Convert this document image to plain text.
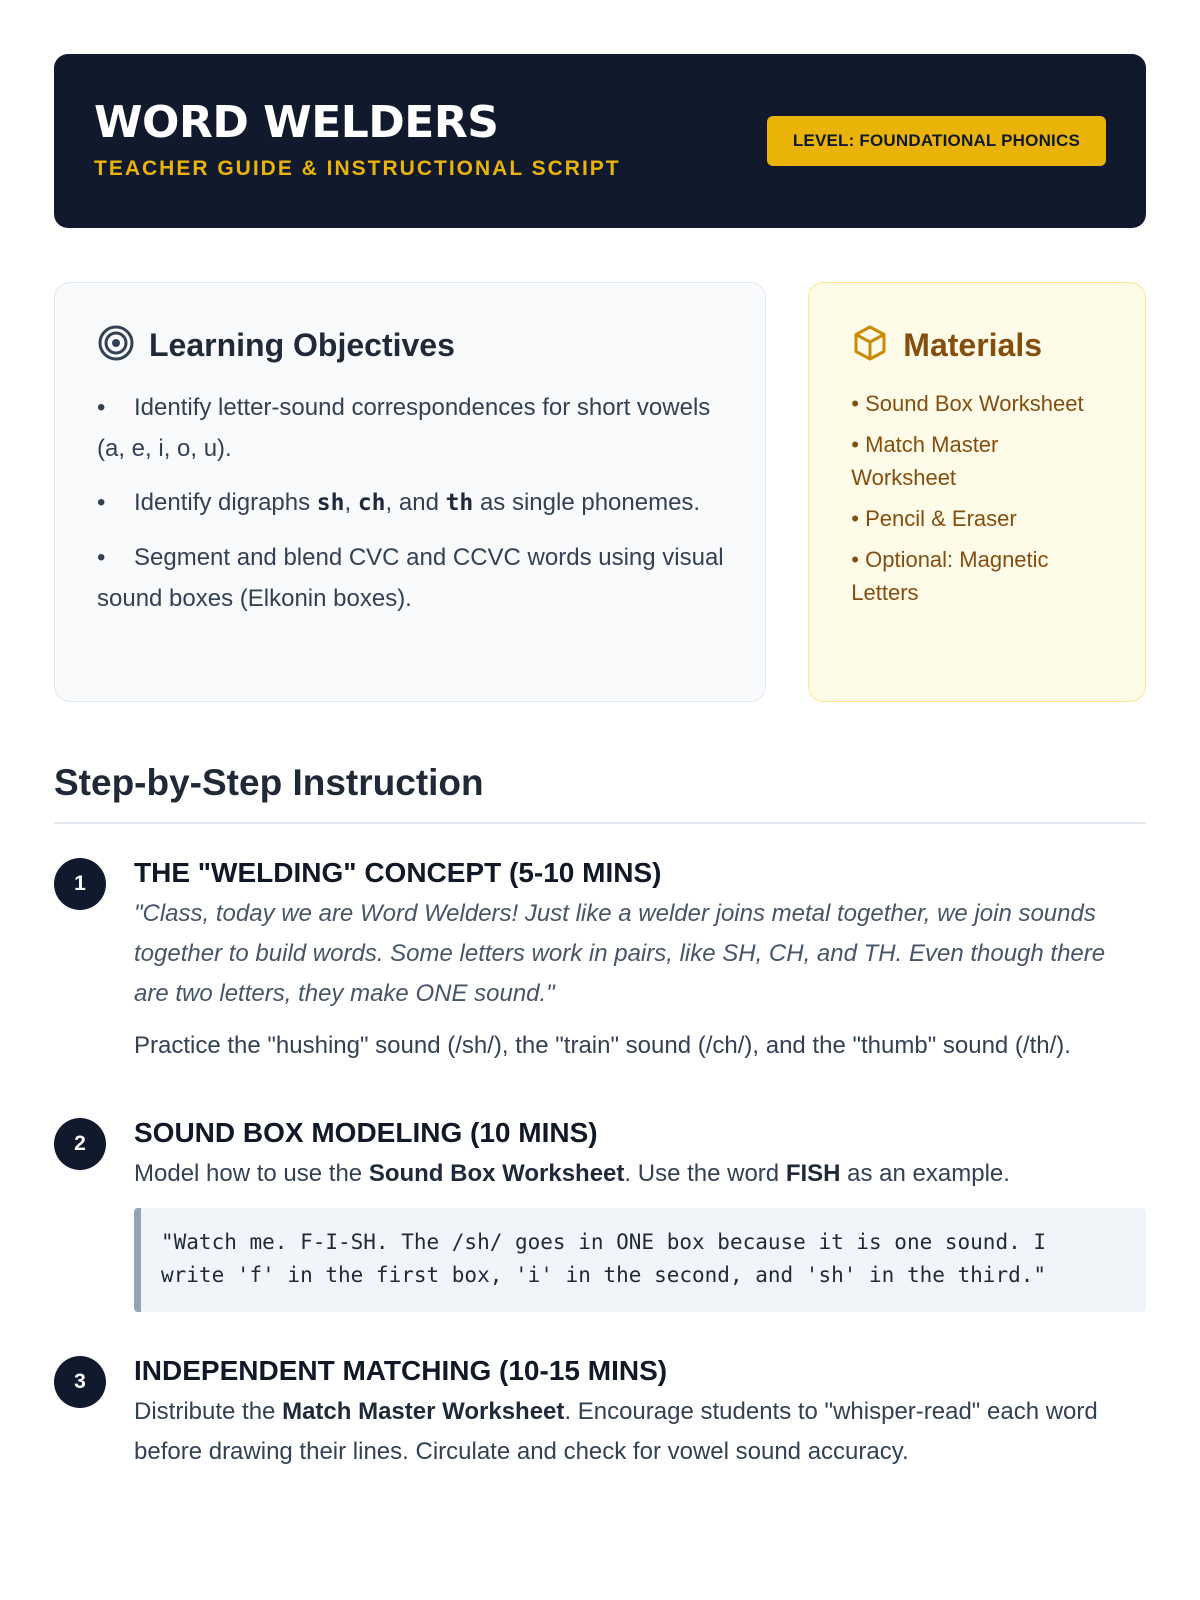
WORD WELDERS
TEACHER GUIDE & INSTRUCTIONAL SCRIPT
LEVEL: FOUNDATIONAL PHONICS
Learning Objectives
• Identify letter-sound correspondences for short vowels (a, e, i, o, u).
• Identify digraphs sh, ch, and th as single phonemes.
• Segment and blend CVC and CCVC words using visual sound boxes (Elkonin boxes).
Materials
• Sound Box Worksheet
• Match Master Worksheet
• Pencil & Eraser
• Optional: Magnetic Letters
Step-by-Step Instruction
1	THE "WELDING" CONCEPT (5-10 MINS)

"Class, today we are Word Welders! Just like a welder joins metal together, we join sounds together to build words. Some letters work in pairs, like SH, CH, and TH. Even though there are two letters, they make ONE sound."

Practice the "hushing" sound (/sh/), the "train" sound (/ch/), and the "thumb" sound (/th/).

2	SOUND BOX MODELING (10 MINS)

Model how to use the Sound Box Worksheet. Use the word FISH as an example.

"Watch me. F-I-SH. The /sh/ goes in ONE box because it is one sound. I write 'f' in the first box, 'i' in the second, and 'sh' in the third."
3	INDEPENDENT MATCHING (10-15 MINS)

Distribute the Match Master Worksheet. Encourage students to "whisper-read" each word before drawing their lines. Circulate and check for vowel sound accuracy.
